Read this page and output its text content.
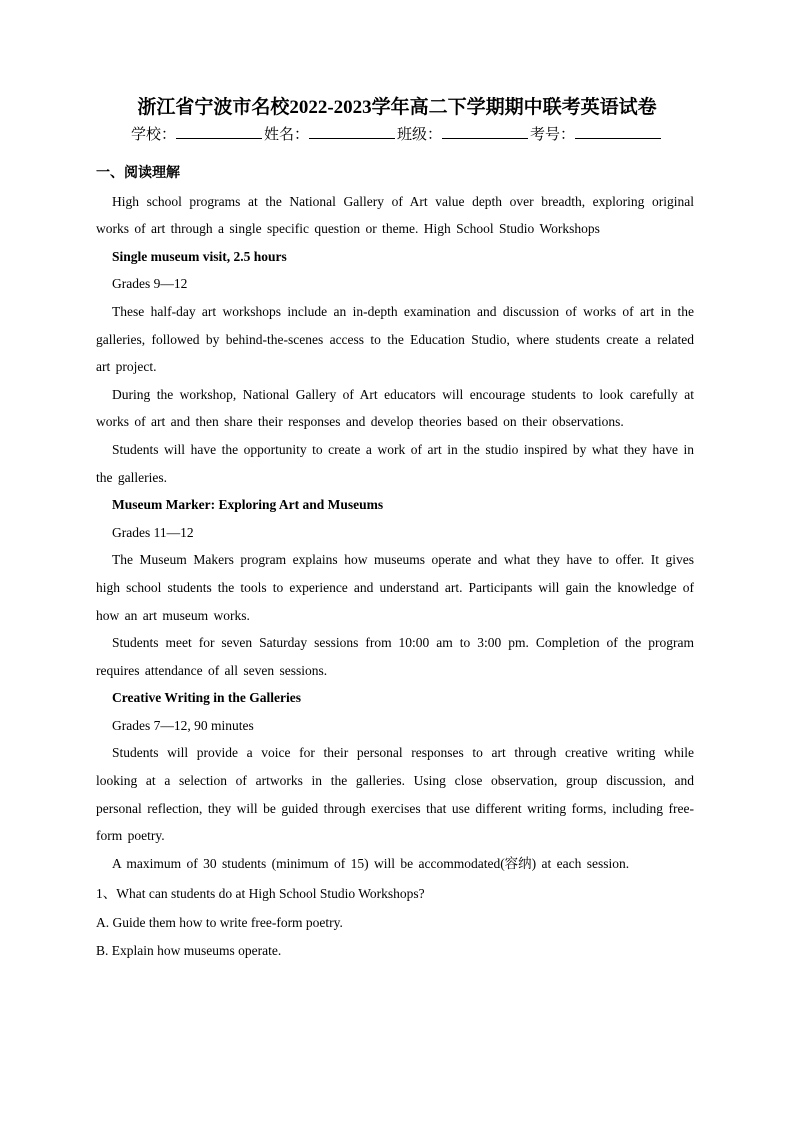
浙江省宁波市名校2022-2023学年高二下学期期中联考英语试卷
学校：	姓名：	班级：	考号：

一、阅读理解

High school programs at the National Gallery of Art value depth over breadth, exploring original works of art through a single specific question or theme. High School Studio Workshops

Single museum visit, 2.5 hours

Grades 9—12

These half-day art workshops include an in-depth examination and discussion of works of art in the galleries, followed by behind-the-scenes access to the Education Studio, where students create a related art project.

During the workshop, National Gallery of Art educators will encourage students to look carefully at works of art and then share their responses and develop theories based on their observations.

Students will have the opportunity to create a work of art in the studio inspired by what they have in the galleries.

Museum Marker: Exploring Art and Museums

Grades 11—12

The Museum Makers program explains how museums operate and what they have to offer. It gives high school students the tools to experience and understand art. Participants will gain the knowledge of how an art museum works.

Students meet for seven Saturday sessions from 10:00 am to 3:00 pm. Completion of the program requires attendance of all seven sessions.

Creative Writing in the Galleries

Grades 7—12, 90 minutes

Students will provide a voice for their personal responses to art through creative writing while looking at a selection of artworks in the galleries. Using close observation, group discussion, and personal reflection, they will be guided through exercises that use different writing forms, including free-form poetry.

A maximum of 30 students (minimum of 15) will be accommodated(容纳) at each session.

1、What can students do at High School Studio Workshops?

A. Guide them how to write free-form poetry.

B. Explain how museums operate.
